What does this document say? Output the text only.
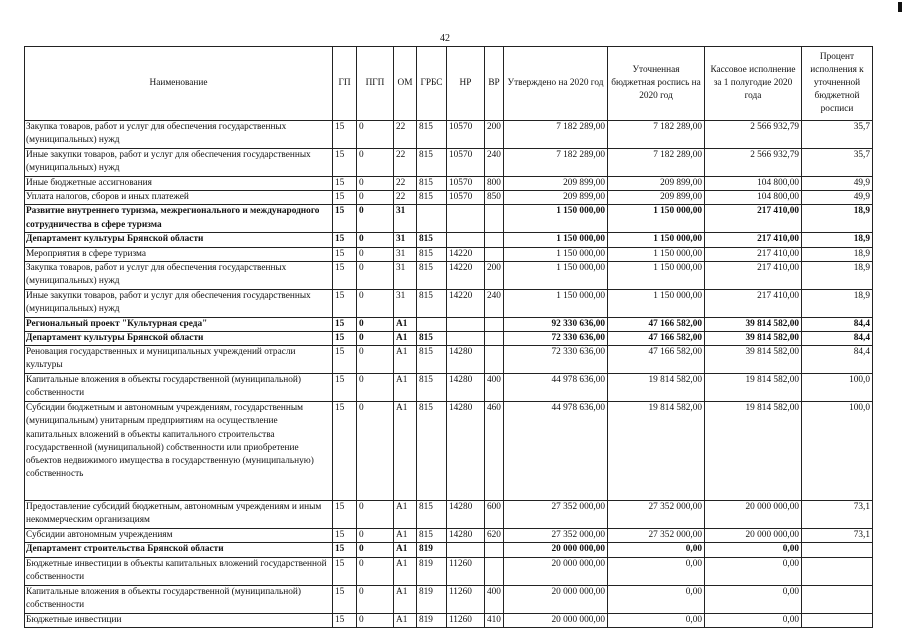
42
Наименование	ГП	ПГП	ОМ	ГРБС	НР	ВР	Утверждено на 2020 год	Уточненная бюджетная роспись на 2020 год	Кассовое исполнение за 1 полугодие 2020 года	Процент исполнения к уточненной бюджетной росписи
Закупка товаров, работ и услуг для обеспечения государственных (муниципальных) нужд	15	0	22	815	10570	200	7 182 289,00	7 182 289,00	2 566 932,79	35,7
Иные закупки товаров, работ и услуг для обеспечения государственных (муниципальных) нужд	15	0	22	815	10570	240	7 182 289,00	7 182 289,00	2 566 932,79	35,7
Иные бюджетные ассигнования	15	0	22	815	10570	800	209 899,00	209 899,00	104 800,00	49,9
Уплата налогов, сборов и иных платежей	15	0	22	815	10570	850	209 899,00	209 899,00	104 800,00	49,9
Развитие внутреннего туризма, межрегионального и международного сотрудничества в сфере туризма	15	0	31				1 150 000,00	1 150 000,00	217 410,00	18,9
Департамент культуры Брянской области	15	0	31	815			1 150 000,00	1 150 000,00	217 410,00	18,9
Мероприятия в сфере туризма	15	0	31	815	14220		1 150 000,00	1 150 000,00	217 410,00	18,9
Закупка товаров, работ и услуг для обеспечения государственных (муниципальных) нужд	15	0	31	815	14220	200	1 150 000,00	1 150 000,00	217 410,00	18,9
Иные закупки товаров, работ и услуг для обеспечения государственных (муниципальных) нужд	15	0	31	815	14220	240	1 150 000,00	1 150 000,00	217 410,00	18,9
Региональный проект "Культурная среда"	15	0	A1				92 330 636,00	47 166 582,00	39 814 582,00	84,4
Департамент культуры Брянской области	15	0	A1	815			72 330 636,00	47 166 582,00	39 814 582,00	84,4
Реновация государственных и муниципальных учреждений отрасли культуры	15	0	A1	815	14280		72 330 636,00	47 166 582,00	39 814 582,00	84,4
Капитальные вложения в объекты государственной (муниципальной) собственности	15	0	A1	815	14280	400	44 978 636,00	19 814 582,00	19 814 582,00	100,0
Субсидии бюджетным и автономным учреждениям, государственным (муниципальным) унитарным предприятиям на осуществление капитальных вложений в объекты капитального строительства государственной (муниципальной) собственности или приобретение объектов недвижимого имущества в государственную (муниципальную) собственность	15	0	A1	815	14280	460	44 978 636,00	19 814 582,00	19 814 582,00	100,0
Предоставление субсидий бюджетным, автономным учреждениям и иным некоммерческим организациям	15	0	A1	815	14280	600	27 352 000,00	27 352 000,00	20 000 000,00	73,1
Субсидии автономным учреждениям	15	0	A1	815	14280	620	27 352 000,00	27 352 000,00	20 000 000,00	73,1
Департамент строительства Брянской области	15	0	A1	819			20 000 000,00	0,00	0,00	
Бюджетные инвестиции в объекты капитальных вложений государственной собственности	15	0	A1	819	11260		20 000 000,00	0,00	0,00	
Капитальные вложения в объекты государственной (муниципальной) собственности	15	0	A1	819	11260	400	20 000 000,00	0,00	0,00	
Бюджетные инвестиции	15	0	A1	819	11260	410	20 000 000,00	0,00	0,00	
